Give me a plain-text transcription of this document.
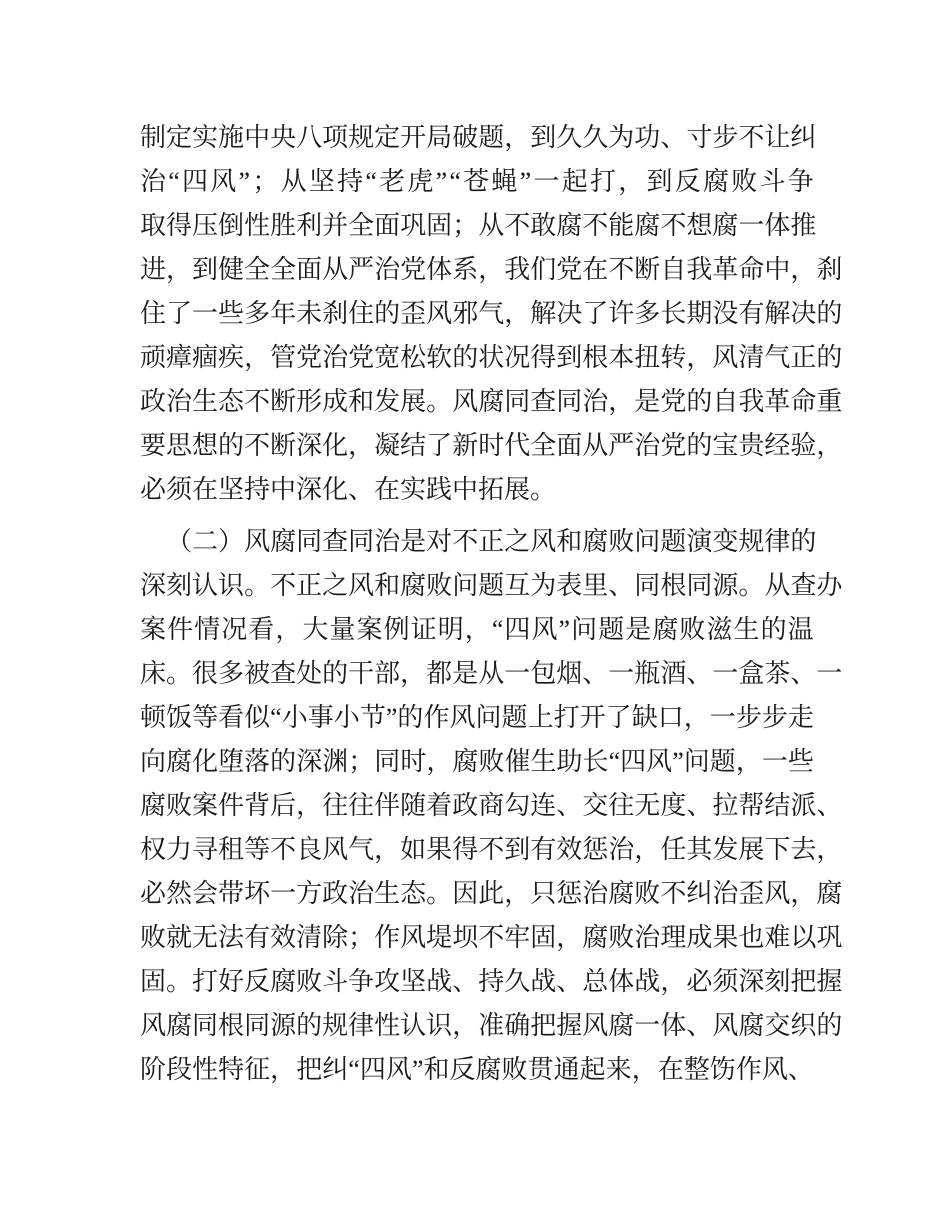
制 定 实 施 中 央 八 项 规 定 开 局 破 题 ， 到 久 久 为 功 、 寸 步 不 让 纠
治 “ 四 风 ” ； 从 坚 持 “ 老 虎 ” “ 苍 蝇 ” 一 起 打 ， 到 反 腐 败 斗 争
取 得 压 倒 性 胜 利 并 全 面 巩 固 ； 从 不 敢 腐 不 能 腐 不 想 腐 一 体 推
进 ， 到 健 全 全 面 从 严 治 党 体 系 ， 我 们 党 在 不 断 自 我 革 命 中 ， 刹
住 了 一 些 多 年 未 刹 住 的 歪 风 邪 气 ， 解 决 了 许 多 长 期 没 有 解 决 的
顽 瘴 痼 疾 ， 管 党 治 党 宽 松 软 的 状 况 得 到 根 本 扭 转 ， 风 清 气 正 的
政 治 生 态 不 断 形 成 和 发 展 。 风 腐 同 查 同 治 ， 是 党 的 自 我 革 命 重
要 思 想 的 不 断 深 化 ， 凝 结 了 新 时 代 全 面 从 严 治 党 的 宝 贵 经 验 ，
必须在坚持中深化、在实践中拓展。

（ 二 ） 风 腐 同 查 同 治 是 对 不 正 之 风 和 腐 败 问 题 演 变 规 律 的
深 刻 认 识 。 不 正 之 风 和 腐 败 问 题 互 为 表 里 、 同 根 同 源 。 从 查 办
案 件 情 况 看 ， 大 量 案 例 证 明 ， “ 四 风 ” 问 题 是 腐 败 滋 生 的 温
床 。 很 多 被 查 处 的 干 部 ， 都 是 从 一 包 烟 、 一 瓶 酒 、 一 盒 茶 、 一
顿 饭 等 看 似 “ 小 事 小 节 ” 的 作 风 问 题 上 打 开 了 缺 口 ， 一 步 步 走
向 腐 化 堕 落 的 深 渊 ； 同 时 ， 腐 败 催 生 助 长 “ 四 风 ” 问 题 ， 一 些
腐 败 案 件 背 后 ， 往 往 伴 随 着 政 商 勾 连 、 交 往 无 度 、 拉 帮 结 派 、
权 力 寻 租 等 不 良 风 气 ， 如 果 得 不 到 有 效 惩 治 ， 任 其 发 展 下 去 ，
必 然 会 带 坏 一 方 政 治 生 态 。 因 此 ， 只 惩 治 腐 败 不 纠 治 歪 风 ， 腐
败 就 无 法 有 效 清 除 ； 作 风 堤 坝 不 牢 固 ， 腐 败 治 理 成 果 也 难 以 巩
固 。 打 好 反 腐 败 斗 争 攻 坚 战 、 持 久 战 、 总 体 战 ， 必 须 深 刻 把 握
风 腐 同 根 同 源 的 规 律 性 认 识 ， 准 确 把 握 风 腐 一 体 、 风 腐 交 织 的
阶 段 性 特 征 ， 把 纠 “ 四 风 ” 和 反 腐 败 贯 通 起 来 ， 在 整 饬 作 风 、
